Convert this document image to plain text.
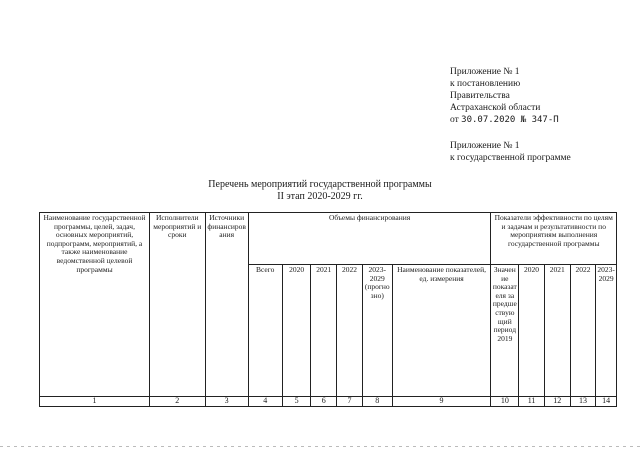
Приложение № 1
к постановлению
Правительства
Астраханской области
от 30.07.2020 № 347-П
Приложение № 1
к государственной программе
Перечень мероприятий государственной программы
II этап 2020-2029 гг.
Наименование государственной программы, целей, задач, основных мероприятий, подпрограмм, мероприятий, а также наименование ведомственной целевой программы	Исполнители мероприятий и сроки	Источники финансирования	Объемы финансирования						Показатели эффективности по целям и задачам и результативности по мероприятиям выполнения государственной программы				
			Всего	2020	2021	2022	2023-2029 (прогнозно)	Наименование показателей, ед. измерения	Значение показателя за предшествующий период 2019	2020	2021	2022	2023-2029
1	2	3	4	5	6	7	8	9	10	11	12	13	14
